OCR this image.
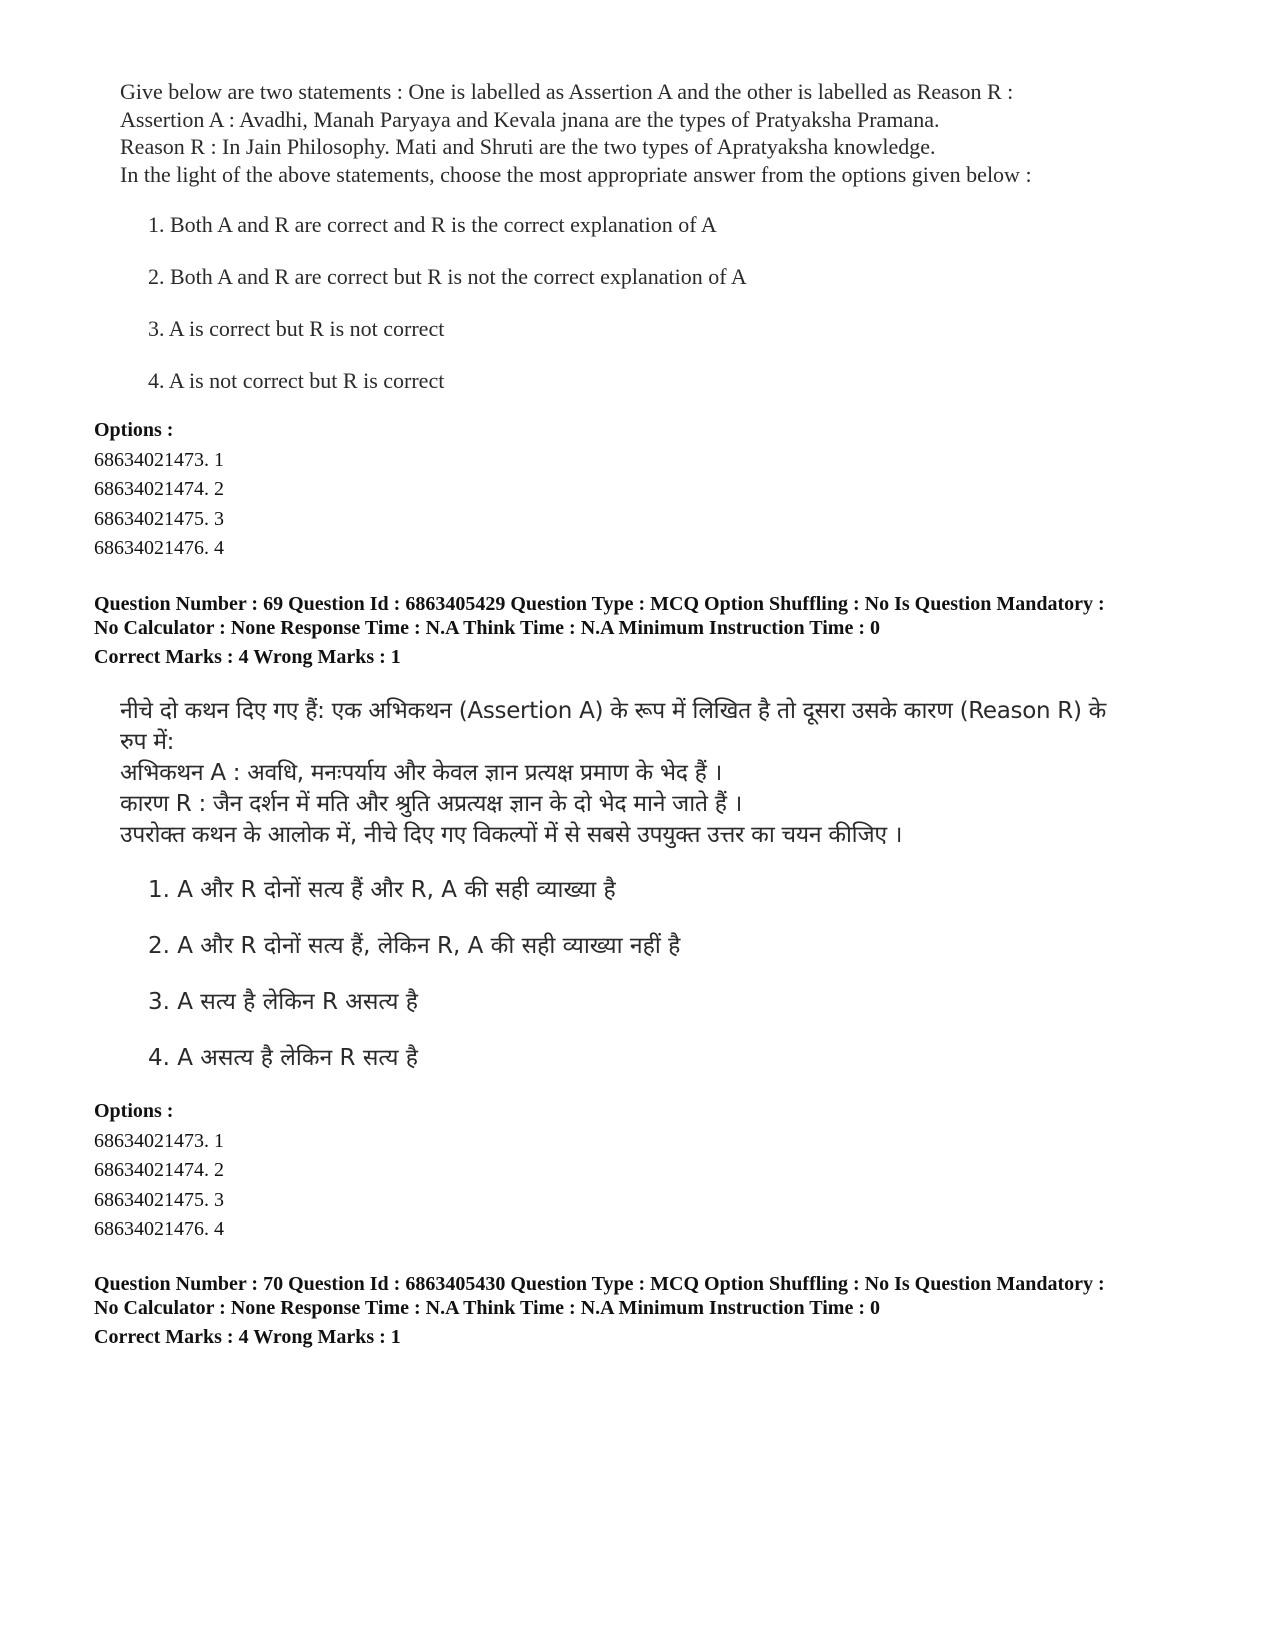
Give below are two statements : One is labelled as Assertion A and the other is labelled as Reason R :
Assertion A : Avadhi, Manah Paryaya and Kevala jnana are the types of Pratyaksha Pramana.
Reason R : In Jain Philosophy. Mati and Shruti are the two types of Apratyaksha knowledge.
In the light of the above statements, choose the most appropriate answer from the options given below :
1. Both A and R are correct and R is the correct explanation of A
2. Both A and R are correct but R is not the correct explanation of A
3. A is correct but R is not correct
4. A is not correct but R is correct
Options :
68634021473. 1
68634021474. 2
68634021475. 3
68634021476. 4
Question Number : 69 Question Id : 6863405429 Question Type : MCQ Option Shuffling : No Is Question Mandatory :
No Calculator : None Response Time : N.A Think Time : N.A Minimum Instruction Time : 0
Correct Marks : 4 Wrong Marks : 1
नीचे दो कथन दिए गए हैं: एक अभिकथन (Assertion A) के रूप में लिखित है तो दूसरा उसके कारण (Reason R) के
रुप में:
अभिकथन A : अवधि, मनःपर्याय और केवल ज्ञान प्रत्यक्ष प्रमाण के भेद हैं ।
कारण R : जैन दर्शन में मति और श्रुति अप्रत्यक्ष ज्ञान के दो भेद माने जाते हैं ।
उपरोक्त कथन के आलोक में, नीचे दिए गए विकल्पों में से सबसे उपयुक्त उत्तर का चयन कीजिए ।
1. A और R दोनों सत्य हैं और R, A की सही व्याख्या है
2. A और R दोनों सत्य हैं, लेकिन R, A की सही व्याख्या नहीं है
3. A सत्य है लेकिन R असत्य है
4. A असत्य है लेकिन R सत्य है
Options :
68634021473. 1
68634021474. 2
68634021475. 3
68634021476. 4
Question Number : 70 Question Id : 6863405430 Question Type : MCQ Option Shuffling : No Is Question Mandatory :
No Calculator : None Response Time : N.A Think Time : N.A Minimum Instruction Time : 0
Correct Marks : 4 Wrong Marks : 1
